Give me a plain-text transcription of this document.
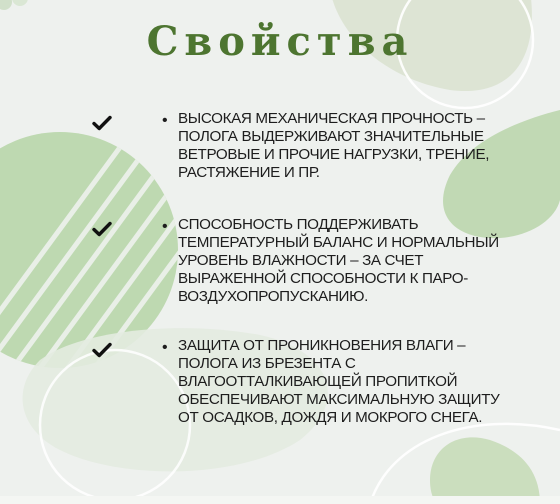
Свойства
• ВЫСОКАЯ МЕХАНИЧЕСКАЯ ПРОЧНОСТЬ – ПОЛОГА ВЫДЕРЖИВАЮТ ЗНАЧИТЕЛЬНЫЕ ВЕТРОВЫЕ И ПРОЧИЕ НАГРУЗКИ, ТРЕНИЕ, РАСТЯЖЕНИЕ И ПР.
• СПОСОБНОСТЬ ПОДДЕРЖИВАТЬ ТЕМПЕРАТУРНЫЙ БАЛАНС И НОРМАЛЬНЫЙ УРОВЕНЬ ВЛАЖНОСТИ – ЗА СЧЕТ ВЫРАЖЕННОЙ СПОСОБНОСТИ К ПАРО-ВОЗДУХОПРОПУСКАНИЮ.
• ЗАЩИТА ОТ ПРОНИКНОВЕНИЯ ВЛАГИ – ПОЛОГА ИЗ БРЕЗЕНТА С ВЛАГООТТАЛКИВАЮЩЕЙ ПРОПИТКОЙ ОБЕСПЕЧИВАЮТ МАКСИМАЛЬНУЮ ЗАЩИТУ ОТ ОСАДКОВ, ДОЖДЯ И МОКРОГО СНЕГА.
